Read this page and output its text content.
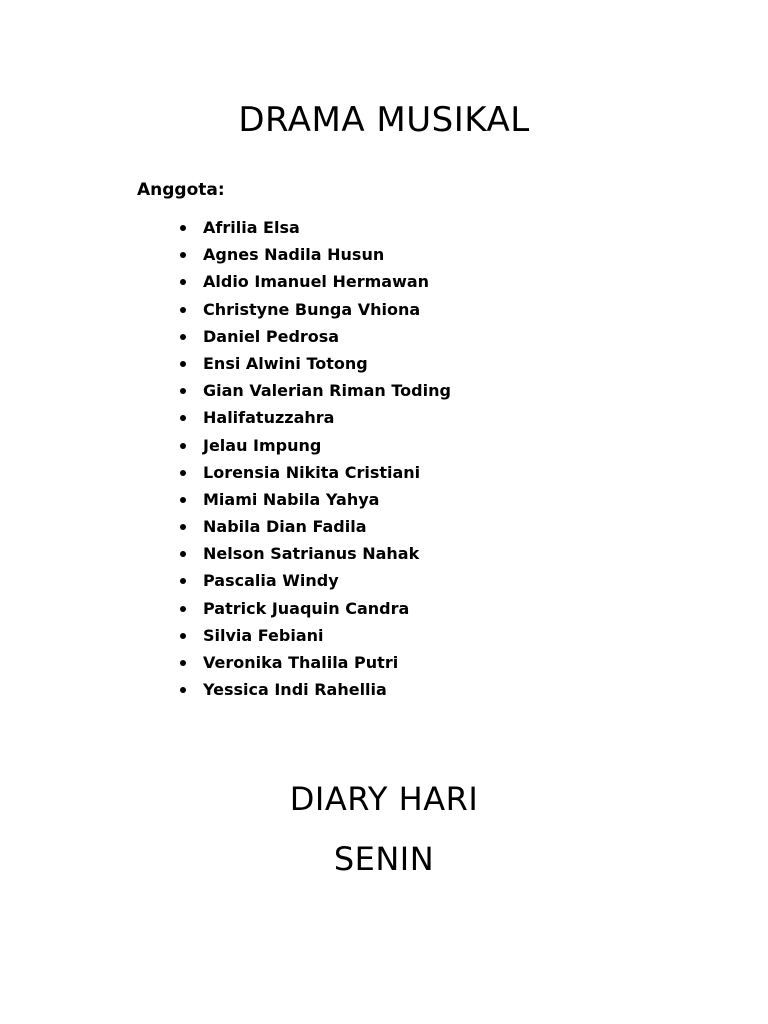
DRAMA MUSIKAL
Anggota:
Afrilia Elsa
Agnes Nadila Husun
Aldio Imanuel Hermawan
Christyne Bunga Vhiona
Daniel Pedrosa
Ensi Alwini Totong
Gian Valerian Riman Toding
Halifatuzzahra
Jelau Impung
Lorensia Nikita Cristiani
Miami Nabila Yahya
Nabila Dian Fadila
Nelson Satrianus Nahak
Pascalia Windy
Patrick Juaquin Candra
Silvia Febiani
Veronika Thalila Putri
Yessica Indi Rahellia
DIARY HARI
SENIN
